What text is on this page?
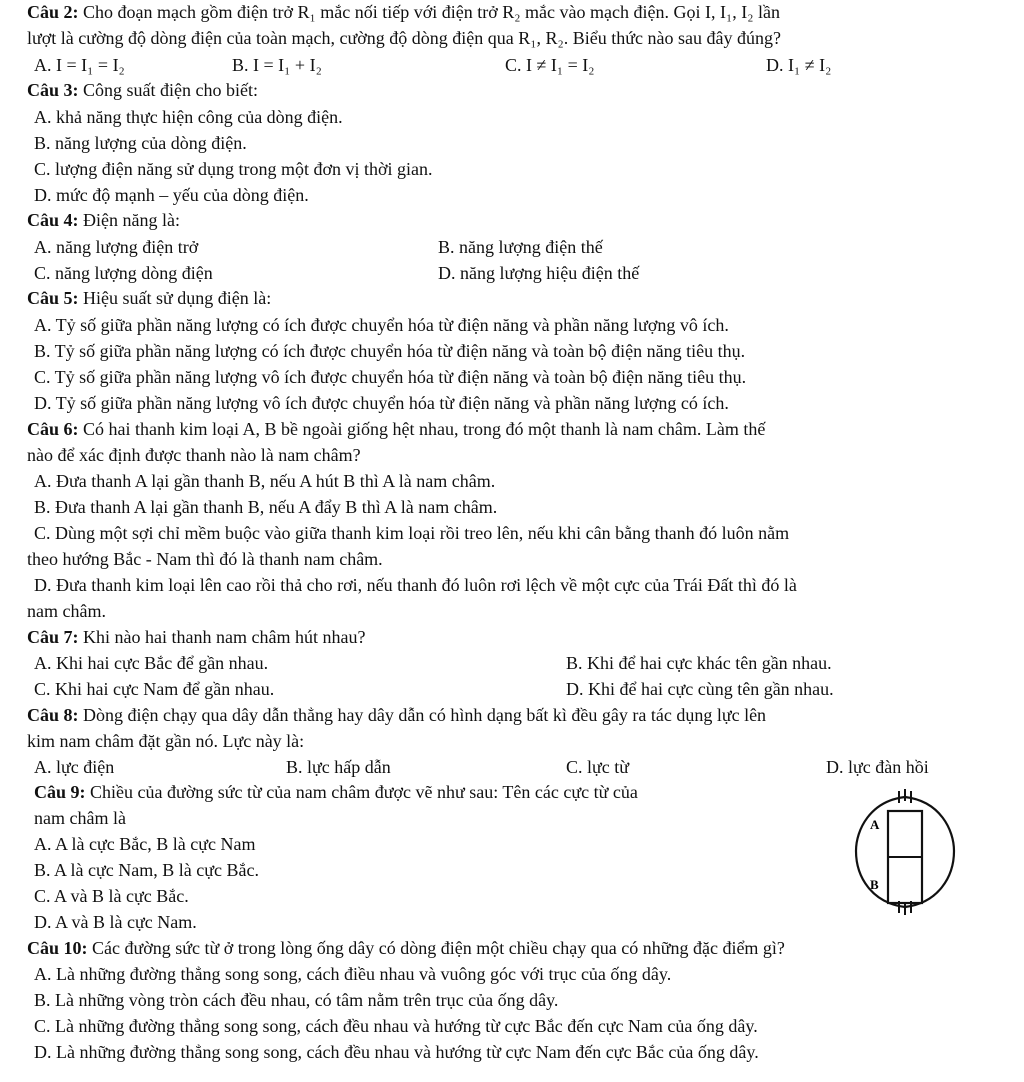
Câu 2: Cho đoạn mạch gồm điện trở R₁ mắc nối tiếp với điện trở R₂ mắc vào mạch điện. Gọi I, I₁, I₂ lần
lượt là cường độ dòng điện của toàn mạch, cường độ dòng điện qua R₁, R₂. Biểu thức nào sau đây đúng?
A. I = I₁ = I₂	B. I = I₁ + I₂	C. I ≠ I₁ = I₂	D. I₁ ≠ I₂
Câu 3: Công suất điện cho biết:
A. khả năng thực hiện công của dòng điện.
B. năng lượng của dòng điện.
C. lượng điện năng sử dụng trong một đơn vị thời gian.
D. mức độ mạnh – yếu của dòng điện.
Câu 4: Điện năng là:
A. năng lượng điện trở	B. năng lượng điện thế
C. năng lượng dòng điện	D. năng lượng hiệu điện thế
Câu 5: Hiệu suất sử dụng điện là:
A. Tỷ số giữa phần năng lượng có ích được chuyển hóa từ điện năng và phần năng lượng vô ích.
B. Tỷ số giữa phần năng lượng có ích được chuyển hóa từ điện năng và toàn bộ điện năng tiêu thụ.
C. Tỷ số giữa phần năng lượng vô ích được chuyển hóa từ điện năng và toàn bộ điện năng tiêu thụ.
D. Tỷ số giữa phần năng lượng vô ích được chuyển hóa từ điện năng và phần năng lượng có ích.
Câu 6: Có hai thanh kim loại A, B bề ngoài giống hệt nhau, trong đó một thanh là nam châm. Làm thế
nào để xác định được thanh nào là nam châm?
A. Đưa thanh A lại gần thanh B, nếu A hút B thì A là nam châm.
B. Đưa thanh A lại gần thanh B, nếu A đẩy B thì A là nam châm.
C. Dùng một sợi chỉ mềm buộc vào giữa thanh kim loại rồi treo lên, nếu khi cân bằng thanh đó luôn nằm
theo hướng Bắc - Nam thì đó là thanh nam châm.
D. Đưa thanh kim loại lên cao rồi thả cho rơi, nếu thanh đó luôn rơi lệch về một cực của Trái Đất thì đó là
nam châm.
Câu 7: Khi nào hai thanh nam châm hút nhau?
A. Khi hai cực Bắc để gần nhau.	B. Khi để hai cực khác tên gần nhau.
C. Khi hai cực Nam để gần nhau.	D. Khi để hai cực cùng tên gần nhau.
Câu 8: Dòng điện chạy qua dây dẫn thẳng hay dây dẫn có hình dạng bất kì đều gây ra tác dụng lực lên
kim nam châm đặt gần nó. Lực này là:
A. lực điện	B. lực hấp dẫn	C. lực từ	D. lực đàn hồi
Câu 9: Chiều của đường sức từ của nam châm được vẽ như sau: Tên các cực từ của
nam châm là
A. A là cực Bắc, B là cực Nam
B. A là cực Nam, B là cực Bắc.
C. A và B là cực Bắc.
D. A và B là cực Nam.
A
B
Câu 10: Các đường sức từ ở trong lòng ống dây có dòng điện một chiều chạy qua có những đặc điểm gì?
A. Là những đường thẳng song song, cách điều nhau và vuông góc với trục của ống dây.
B. Là những vòng tròn cách đều nhau, có tâm nằm trên trục của ống dây.
C. Là những đường thẳng song song, cách đều nhau và hướng từ cực Bắc đến cực Nam của ống dây.
D. Là những đường thẳng song song, cách đều nhau và hướng từ cực Nam đến cực Bắc của ống dây.
